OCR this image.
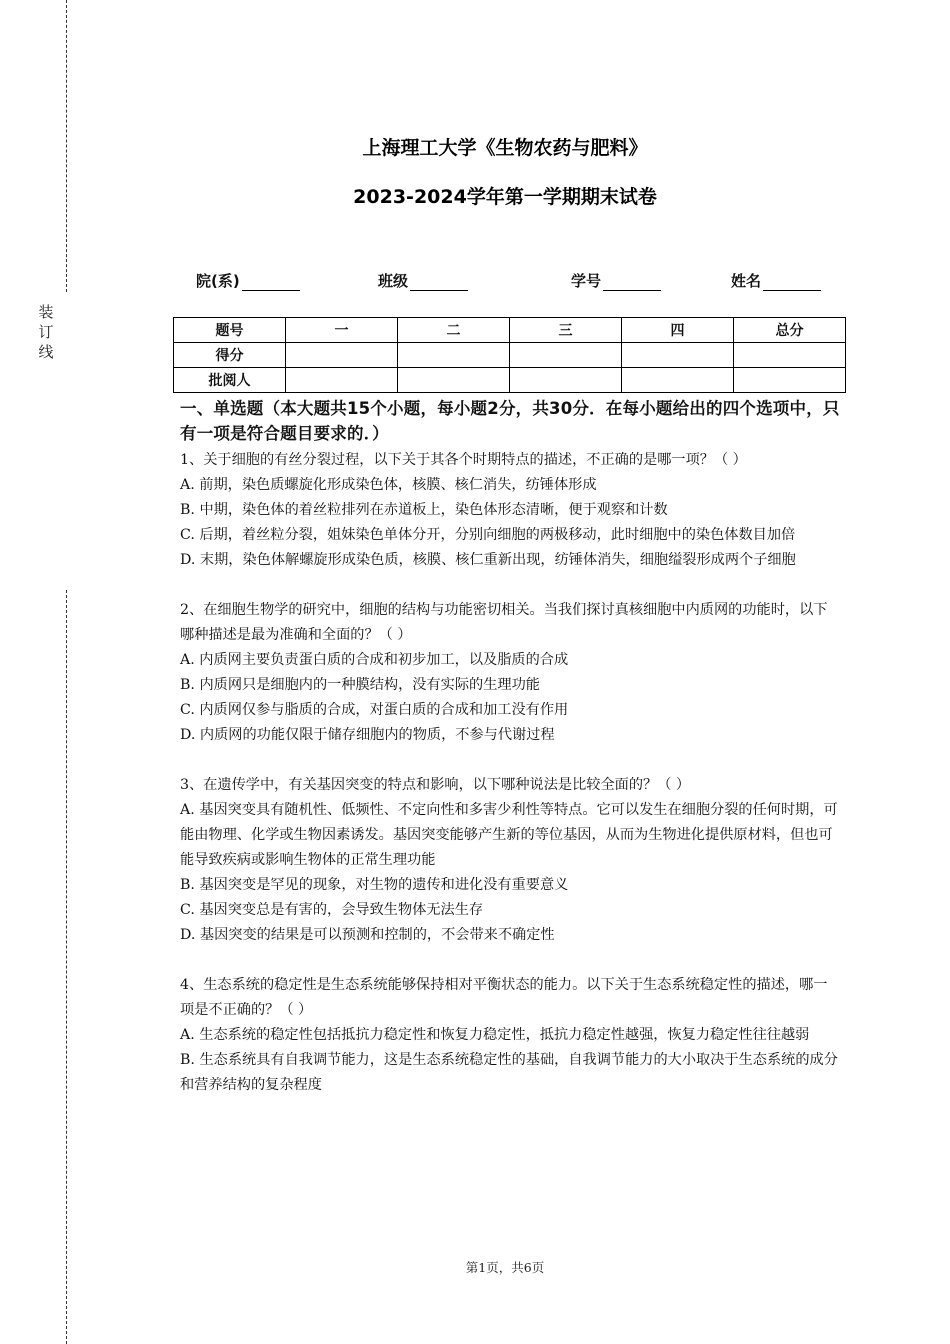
装
订
线
上海理工大学《生物农药与肥料》
2023-2024学年第一学期期末试卷
院(系)	班级	学号	姓名
题号	一	二	三	四	总分
得分					
批阅人					
一、单选题（本大题共15个小题，每小题2分，共30分．在每小题给出的四个选项中，只有一项是符合题目要求的．）

1、关于细胞的有丝分裂过程，以下关于其各个时期特点的描述，不正确的是哪一项？（ ）

A. 前期，染色质螺旋化形成染色体，核膜、核仁消失，纺锤体形成

B. 中期，染色体的着丝粒排列在赤道板上，染色体形态清晰，便于观察和计数

C. 后期，着丝粒分裂，姐妹染色单体分开，分别向细胞的两极移动，此时细胞中的染色体数目加倍

D. 末期，染色体解螺旋形成染色质，核膜、核仁重新出现，纺锤体消失，细胞缢裂形成两个子细胞

2、在细胞生物学的研究中，细胞的结构与功能密切相关。当我们探讨真核细胞中内质网的功能时，以下哪种描述是最为准确和全面的？（ ）

A. 内质网主要负责蛋白质的合成和初步加工，以及脂质的合成

B. 内质网只是细胞内的一种膜结构，没有实际的生理功能

C. 内质网仅参与脂质的合成，对蛋白质的合成和加工没有作用

D. 内质网的功能仅限于储存细胞内的物质，不参与代谢过程

3、在遗传学中，有关基因突变的特点和影响，以下哪种说法是比较全面的？（ ）

A. 基因突变具有随机性、低频性、不定向性和多害少利性等特点。它可以发生在细胞分裂的任何时期，可能由物理、化学或生物因素诱发。基因突变能够产生新的等位基因，从而为生物进化提供原材料，但也可能导致疾病或影响生物体的正常生理功能

B. 基因突变是罕见的现象，对生物的遗传和进化没有重要意义

C. 基因突变总是有害的，会导致生物体无法生存

D. 基因突变的结果是可以预测和控制的，不会带来不确定性

4、生态系统的稳定性是生态系统能够保持相对平衡状态的能力。以下关于生态系统稳定性的描述，哪一项是不正确的？（ ）

A. 生态系统的稳定性包括抵抗力稳定性和恢复力稳定性，抵抗力稳定性越强，恢复力稳定性往往越弱

B. 生态系统具有自我调节能力，这是生态系统稳定性的基础，自我调节能力的大小取决于生态系统的成分和营养结构的复杂程度

第1页，共6页
